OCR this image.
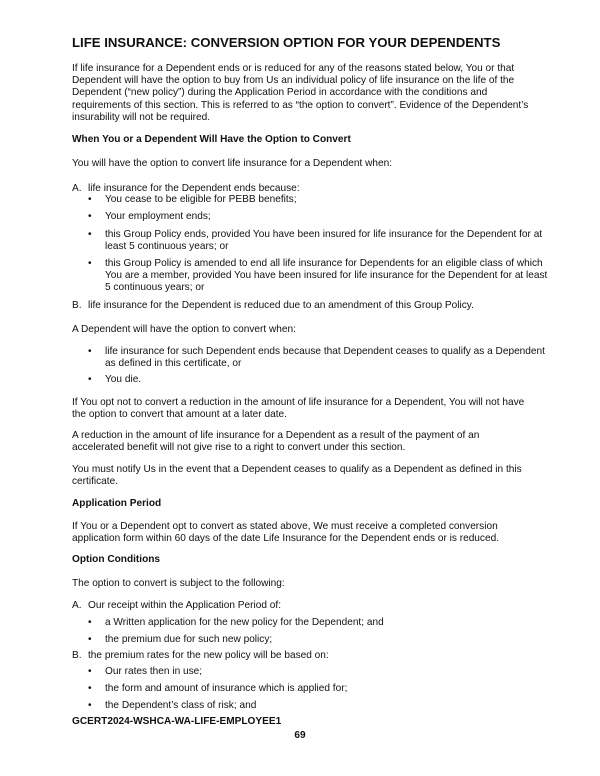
LIFE INSURANCE: CONVERSION OPTION FOR YOUR DEPENDENTS
If life insurance for a Dependent ends or is reduced for any of the reasons stated below, You or that Dependent will have the option to buy from Us an individual policy of life insurance on the life of the Dependent (“new policy”) during the Application Period in accordance with the conditions and requirements of this section. This is referred to as “the option to convert”. Evidence of the Dependent’s insurability will not be required.
When You or a Dependent Will Have the Option to Convert
You will have the option to convert life insurance for a Dependent when:
A. life insurance for the Dependent ends because:
• You cease to be eligible for PEBB benefits;
• Your employment ends;
• this Group Policy ends, provided You have been insured for life insurance for the Dependent for at least 5 continuous years; or
• this Group Policy is amended to end all life insurance for Dependents for an eligible class of which You are a member, provided You have been insured for life insurance for the Dependent for at least 5 continuous years; or
B. life insurance for the Dependent is reduced due to an amendment of this Group Policy.
A Dependent will have the option to convert when:
• life insurance for such Dependent ends because that Dependent ceases to qualify as a Dependent as defined in this certificate, or
• You die.
If You opt not to convert a reduction in the amount of life insurance for a Dependent, You will not have the option to convert that amount at a later date.
A reduction in the amount of life insurance for a Dependent as a result of the payment of an accelerated benefit will not give rise to a right to convert under this section.
You must notify Us in the event that a Dependent ceases to qualify as a Dependent as defined in this certificate.
Application Period
If You or a Dependent opt to convert as stated above, We must receive a completed conversion application form within 60 days of the date Life Insurance for the Dependent ends or is reduced.
Option Conditions
The option to convert is subject to the following:
A. Our receipt within the Application Period of:
• a Written application for the new policy for the Dependent; and
• the premium due for such new policy;
B. the premium rates for the new policy will be based on:
• Our rates then in use;
• the form and amount of insurance which is applied for;
• the Dependent’s class of risk; and
GCERT2024-WSHCA-WA-LIFE-EMPLOYEE1
69
